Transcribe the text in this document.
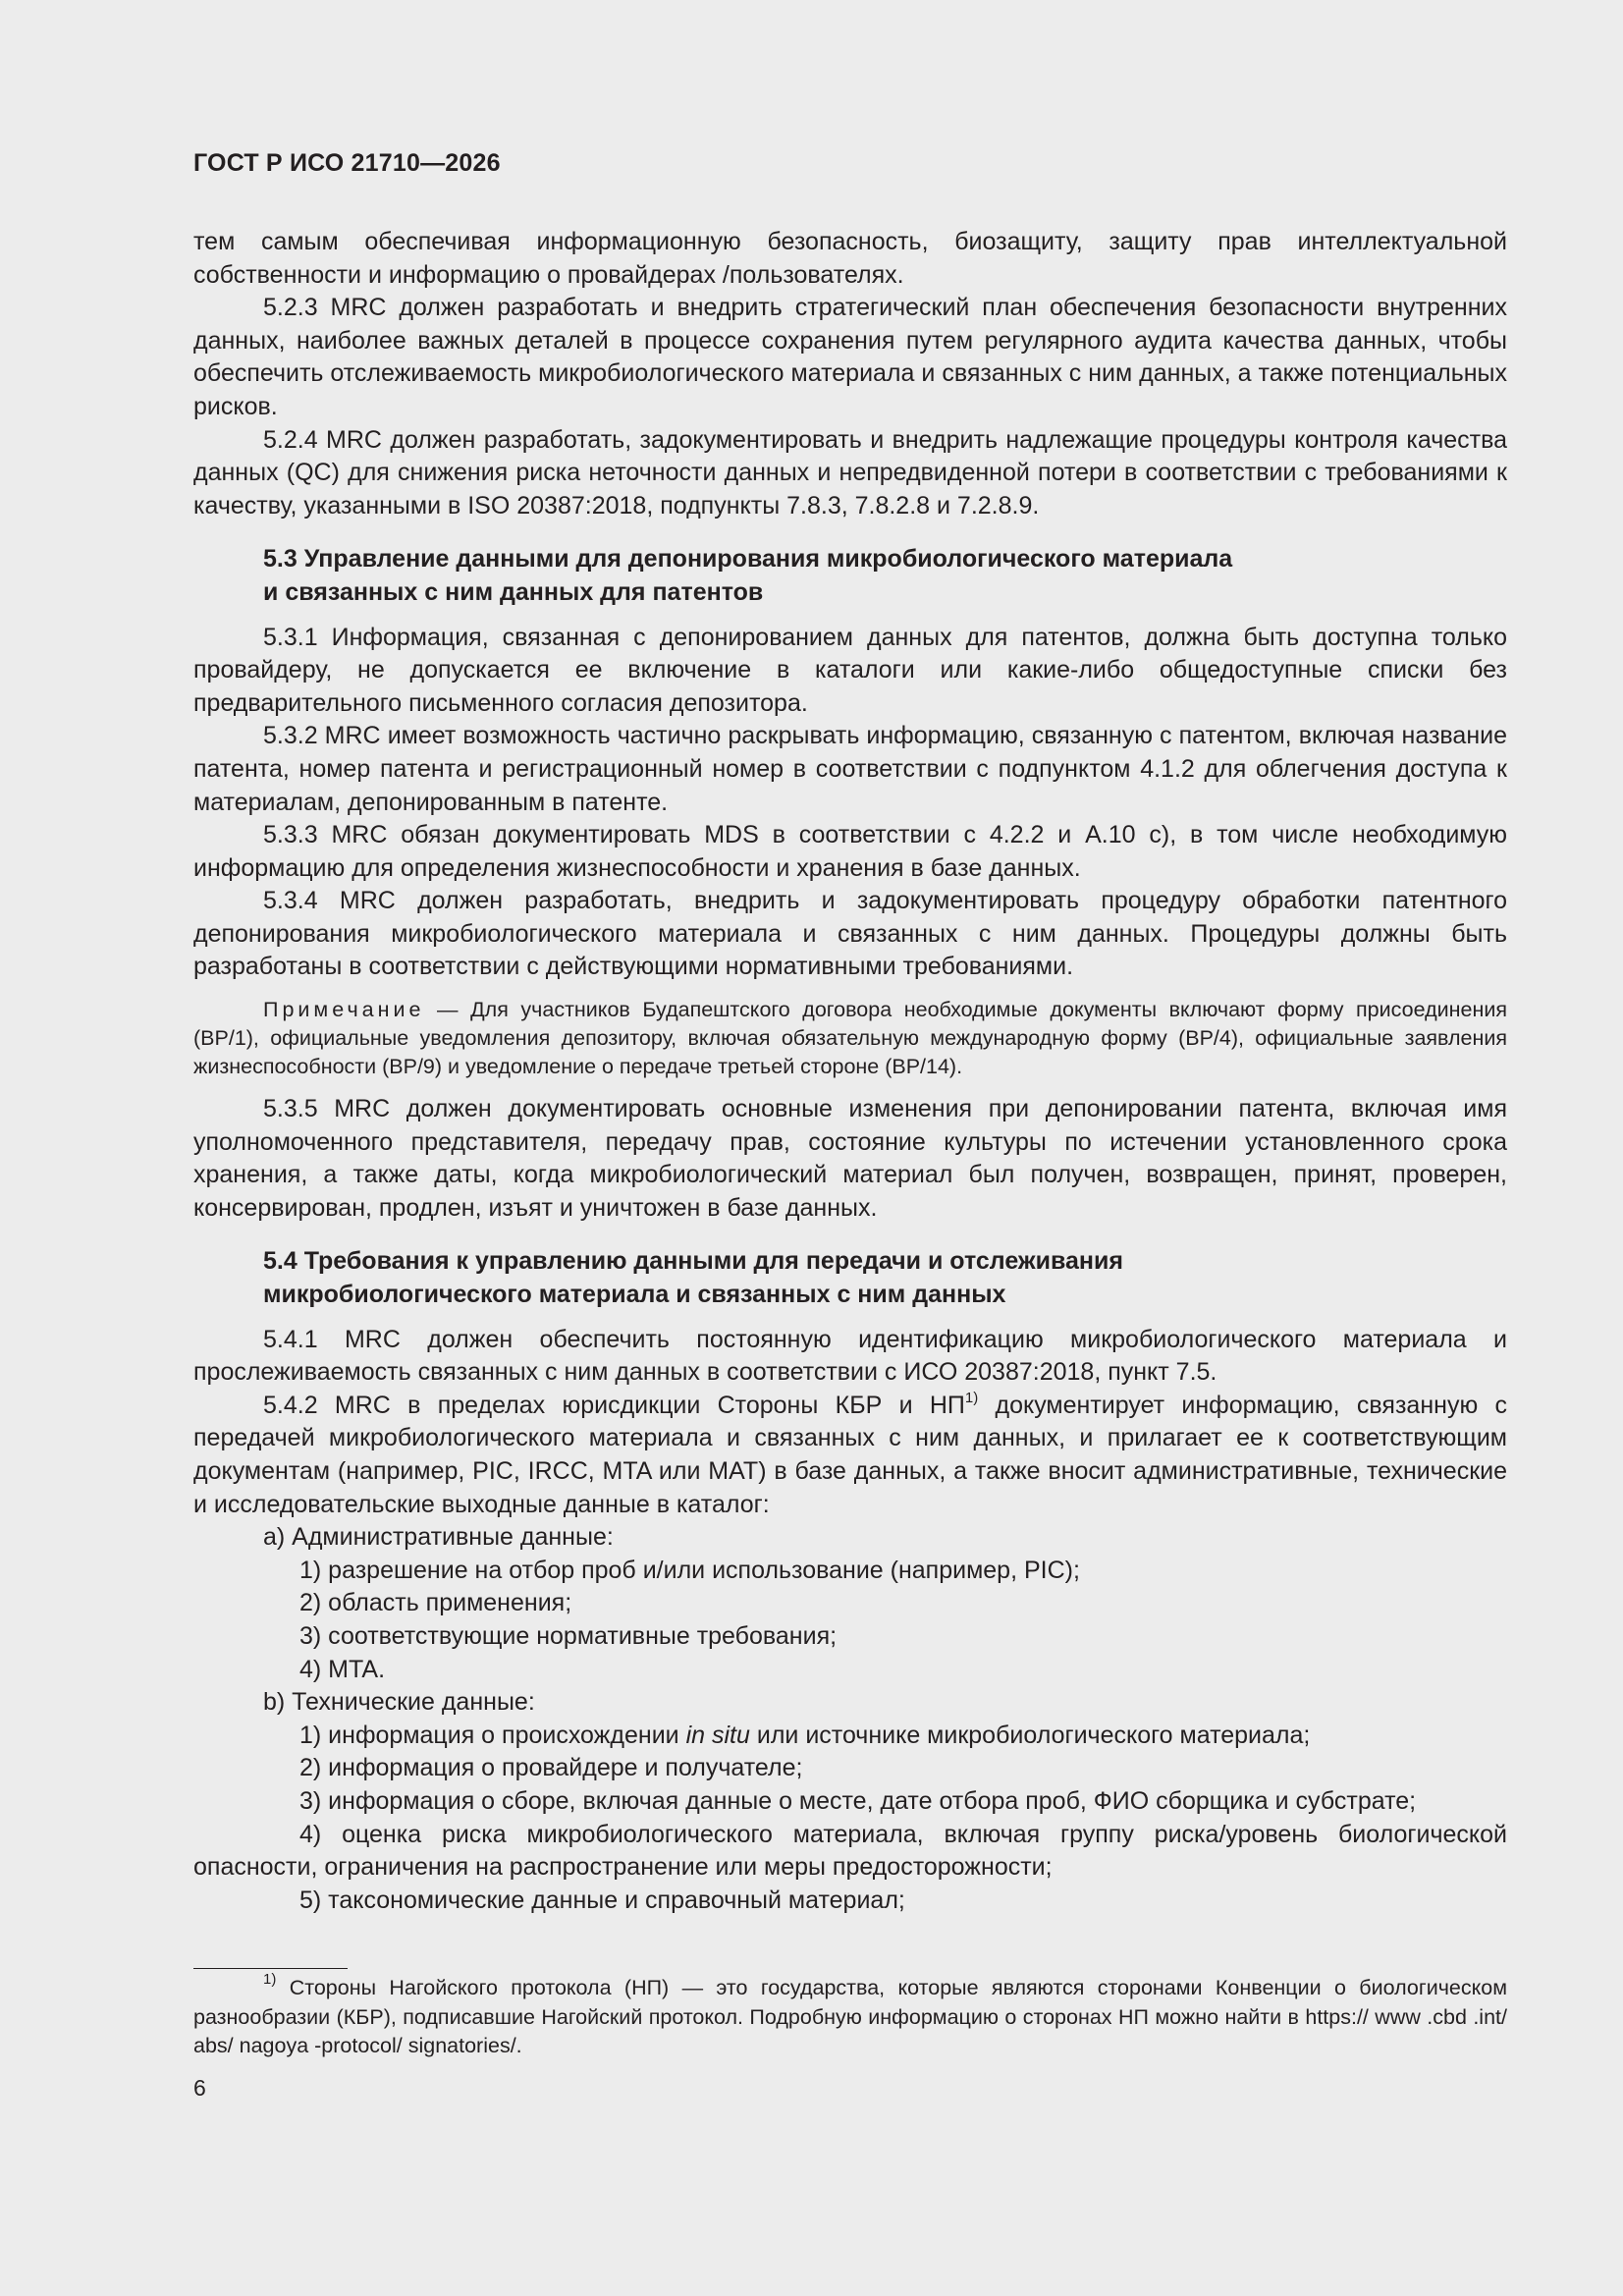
ГОСТ Р ИСО 21710—2026

тем самым обеспечивая информационную безопасность, биозащиту, защиту прав интеллектуальной собственности и информацию о провайдерах /пользователях.

5.2.3 MRC должен разработать и внедрить стратегический план обеспечения безопасности внутренних данных, наиболее важных деталей в процессе сохранения путем регулярного аудита качества данных, чтобы обеспечить отслеживаемость микробиологического материала и связанных с ним данных, а также потенциальных рисков.

5.2.4 MRC должен разработать, задокументировать и внедрить надлежащие процедуры контроля качества данных (QC) для снижения риска неточности данных и непредвиденной потери в соответствии с требованиями к качеству, указанными в ISO 20387:2018, подпункты 7.8.3, 7.8.2.8 и 7.2.8.9.

5.3 Управление данными для депонирования микробиологического материала
и связанных с ним данных для патентов

5.3.1 Информация, связанная с депонированием данных для патентов, должна быть доступна только провайдеру, не допускается ее включение в каталоги или какие-либо общедоступные списки без предварительного письменного согласия депозитора.

5.3.2 MRC имеет возможность частично раскрывать информацию, связанную с патентом, включая название патента, номер патента и регистрационный номер в соответствии с подпунктом 4.1.2 для облегчения доступа к материалам, депонированным в патенте.

5.3.3 MRC обязан документировать MDS в соответствии с 4.2.2 и A.10 c), в том числе необходимую информацию для определения жизнеспособности и хранения в базе данных.

5.3.4 MRC должен разработать, внедрить и задокументировать процедуру обработки патентного депонирования микробиологического материала и связанных с ним данных. Процедуры должны быть разработаны в соответствии с действующими нормативными требованиями.

Примечание — Для участников Будапештского договора необходимые документы включают форму присоединения (BP/1), официальные уведомления депозитору, включая обязательную международную форму (BP/4), официальные заявления жизнеспособности (BP/9) и уведомление о передаче третьей стороне (BP/14).

5.3.5 MRC должен документировать основные изменения при депонировании патента, включая имя уполномоченного представителя, передачу прав, состояние культуры по истечении установленного срока хранения, а также даты, когда микробиологический материал был получен, возвращен, принят, проверен, консервирован, продлен, изъят и уничтожен в базе данных.

5.4 Требования к управлению данными для передачи и отслеживания
микробиологического материала и связанных с ним данных

5.4.1 MRC должен обеспечить постоянную идентификацию микробиологического материала и прослеживаемость связанных с ним данных в соответствии с ИСО 20387:2018, пункт 7.5.

5.4.2 MRC в пределах юрисдикции Стороны КБР и НП$^{1)}$ документирует информацию, связанную с передачей микробиологического материала и связанных с ним данных, и прилагает ее к соответствующим документам (например, PIC, IRCC, MTA или MAT) в базе данных, а также вносит административные, технические и исследовательские выходные данные в каталог:

a) Административные данные:

1) разрешение на отбор проб и/или использование (например, PIC);

2) область применения;

3) соответствующие нормативные требования;

4) MTA.

b) Технические данные:

1) информация о происхождении in situ или источнике микробиологического материала;

2) информация о провайдере и получателе;

3) информация о сборе, включая данные о месте, дате отбора проб, ФИО сборщика и субстрате;

4) оценка риска микробиологического материала, включая группу риска/уровень биологической опасности, ограничения на распространение или меры предосторожности;

5) таксономические данные и справочный материал;

$^{1)}$ Стороны Нагойского протокола (НП) — это государства, которые являются сторонами Конвенции о биологическом разнообразии (КБР), подписавшие Нагойский протокол. Подробную информацию о сторонах НП можно найти в https:// www .cbd .int/ abs/ nagoya -protocol/ signatories/.
6
